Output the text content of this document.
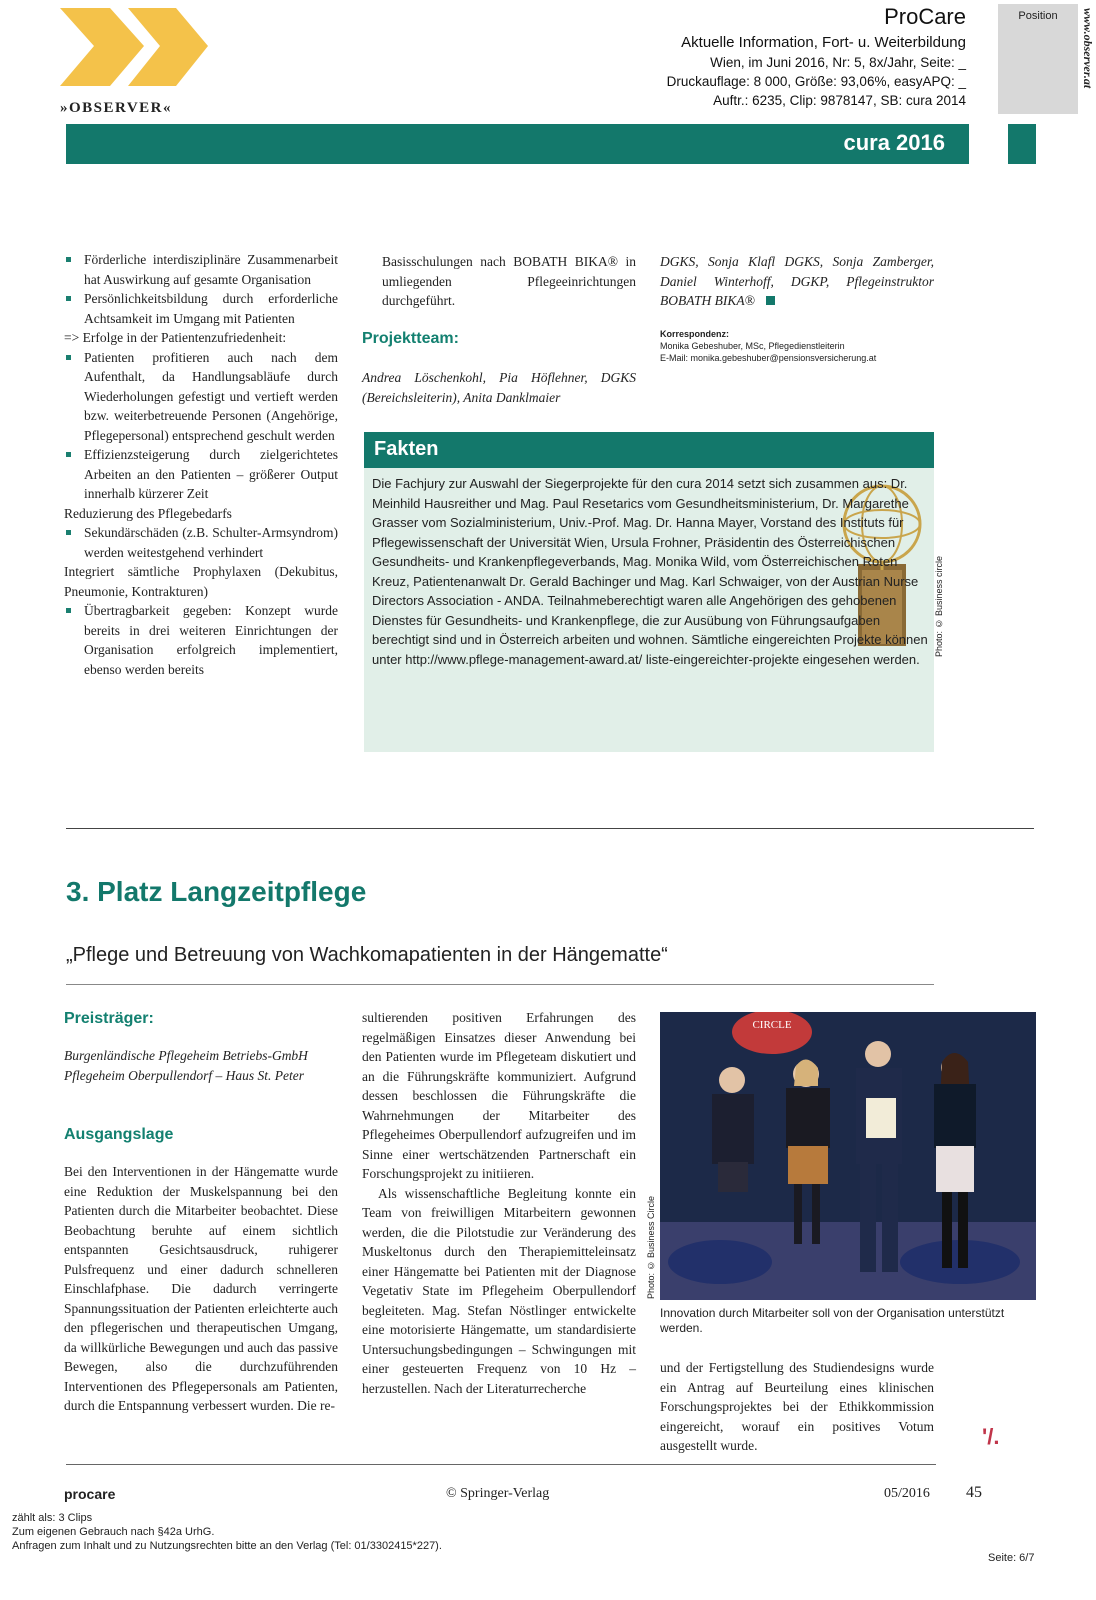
»OBSERVER«
ProCare
Aktuelle Information, Fort- u. Weiterbildung
Wien, im Juni 2016, Nr: 5, 8x/Jahr, Seite: _
Druckauflage: 8 000, Größe: 93,06%, easyAPQ: _
Auftr.: 6235, Clip: 9878147, SB: cura 2014
Position	www.observer.at
cura 2016

Förderliche interdisziplinäre Zusammenarbeit hat Auswirkung auf gesamte Organisation

Persönlichkeitsbildung durch erforderliche Achtsamkeit im Umgang mit Patienten

=> Erfolge in der Patientenzufriedenheit:

Patienten profitieren auch nach dem Aufenthalt, da Handlungsabläufe durch Wiederholungen gefestigt und vertieft werden bzw. weiterbetreuende Personen (Angehörige, Pflegepersonal) entsprechend geschult werden

Effizienzsteigerung durch zielgerichtetes Arbeiten an den Patienten – größerer Output innerhalb kürzerer Zeit

Reduzierung des Pflegebedarfs

Sekundärschäden (z.B. Schulter-Armsyndrom) werden weitestgehend verhindert

Integriert sämtliche Prophylaxen (Dekubitus, Pneumonie, Kontrakturen)

Übertragbarkeit gegeben: Konzept wurde bereits in drei weiteren Einrichtungen der Organisation erfolgreich implementiert, ebenso werden bereits

Basisschulungen nach BOBATH BIKA® in umliegenden Pflegeeinrichtungen durchgeführt.

Projektteam:
Andrea Löschenkohl, Pia Höflehner, DGKS (Bereichsleiterin), Anita Danklmaier
DGKS, Sonja Klafl DGKS, Sonja Zamberger, Daniel Winterhoff, DGKP, Pflegeinstruktor BOBATH BIKA®
Korrespondenz:
Monika Gebeshuber, MSc, Pflegedienstleiterin
E-Mail: monika.gebeshuber@pensionsversicherung.at
Fakten
Die Fachjury zur Auswahl der Siegerprojekte für den cura 2014 setzt sich zusammen aus: Dr. Meinhild Hausreither und Mag. Paul Resetarics vom Gesundheitsministerium, Dr. Margarethe Grasser vom Sozialministerium, Univ.-Prof. Mag. Dr. Hanna Mayer, Vorstand des Instituts für Pflegewissenschaft der Universität Wien, Ursula Frohner, Präsidentin des Österreichischen Gesundheits- und Krankenpflegeverbands, Mag. Monika Wild, vom Österreichischen Roten Kreuz, Patientenanwalt Dr. Gerald Bachinger und Mag. Karl Schwaiger, von der Austrian Nurse Directors Association - ANDA. Teilnahmeberechtigt waren alle Angehörigen des gehobenen Dienstes für Gesundheits- und Krankenpflege, die zur Ausübung von Führungsaufgaben berechtigt sind und in Österreich arbeiten und wohnen. Sämtliche eingereichten Projekte können unter http://www.pflege-management-award.at/ liste-eingereichter-projekte eingesehen werden.
Photo: © Business circle
3. Platz Langzeitpflege
„Pflege und Betreuung von Wachkomapatienten in der Hängematte“
Preisträger:
Burgenländische Pflegeheim Betriebs-GmbH Pflegeheim Oberpullendorf – Haus St. Peter
Ausgangslage
Bei den Interventionen in der Hängematte wurde eine Reduktion der Muskelspannung bei den Patienten durch die Mitarbeiter beobachtet. Diese Beobachtung beruhte auf einem sichtlich entspannten Gesichtsausdruck, ruhigerer Pulsfrequenz und einer dadurch schnelleren Einschlafphase. Die dadurch verringerte Spannungssituation der Patienten erleichterte auch den pflegerischen und therapeutischen Umgang, da willkürliche Bewegungen und auch das passive Bewegen, also die durchzuführenden Interventionen des Pflegepersonals am Patienten, durch die Entspannung verbessert wurden. Die re-

sultierenden positiven Erfahrungen des regelmäßigen Einsatzes dieser Anwendung bei den Patienten wurde im Pflegeteam diskutiert und an die Führungskräfte kommuniziert. Aufgrund dessen beschlossen die Führungskräfte die Wahrnehmungen der Mitarbeiter des Pflegeheimes Oberpullendorf aufzugreifen und im Sinne einer wertschätzenden Partnerschaft ein Forschungsprojekt zu initiieren.

Als wissenschaftliche Begleitung konnte ein Team von freiwilligen Mitarbeitern gewonnen werden, die die Pilotstudie zur Veränderung des Muskeltonus durch den Therapiemitteleinsatz einer Hängematte bei Patienten mit der Diagnose Vegetativ State im Pflegeheim Oberpullendorf begleiteten. Mag. Stefan Nöstlinger entwickelte eine motorisierte Hängematte, um standardisierte Untersuchungsbedingungen – Schwingungen mit einer gesteuerten Frequenz von 10 Hz – herzustellen. Nach der Literaturrecherche

CIRCLE
Photo: © Business Circle
Innovation durch Mitarbeiter soll von der Organisation unterstützt werden.
und der Fertigstellung des Studiendesigns wurde ein Antrag auf Beurteilung eines klinischen Forschungsprojektes bei der Ethikkommission eingereicht, worauf ein positives Votum ausgestellt wurde.	'/.
procare	© Springer-Verlag	05/2016 45
zählt als: 3 Clips
Zum eigenen Gebrauch nach §42a UrhG.
Anfragen zum Inhalt und zu Nutzungsrechten bitte an den Verlag (Tel: 01/3302415*227).
Seite: 6/7
